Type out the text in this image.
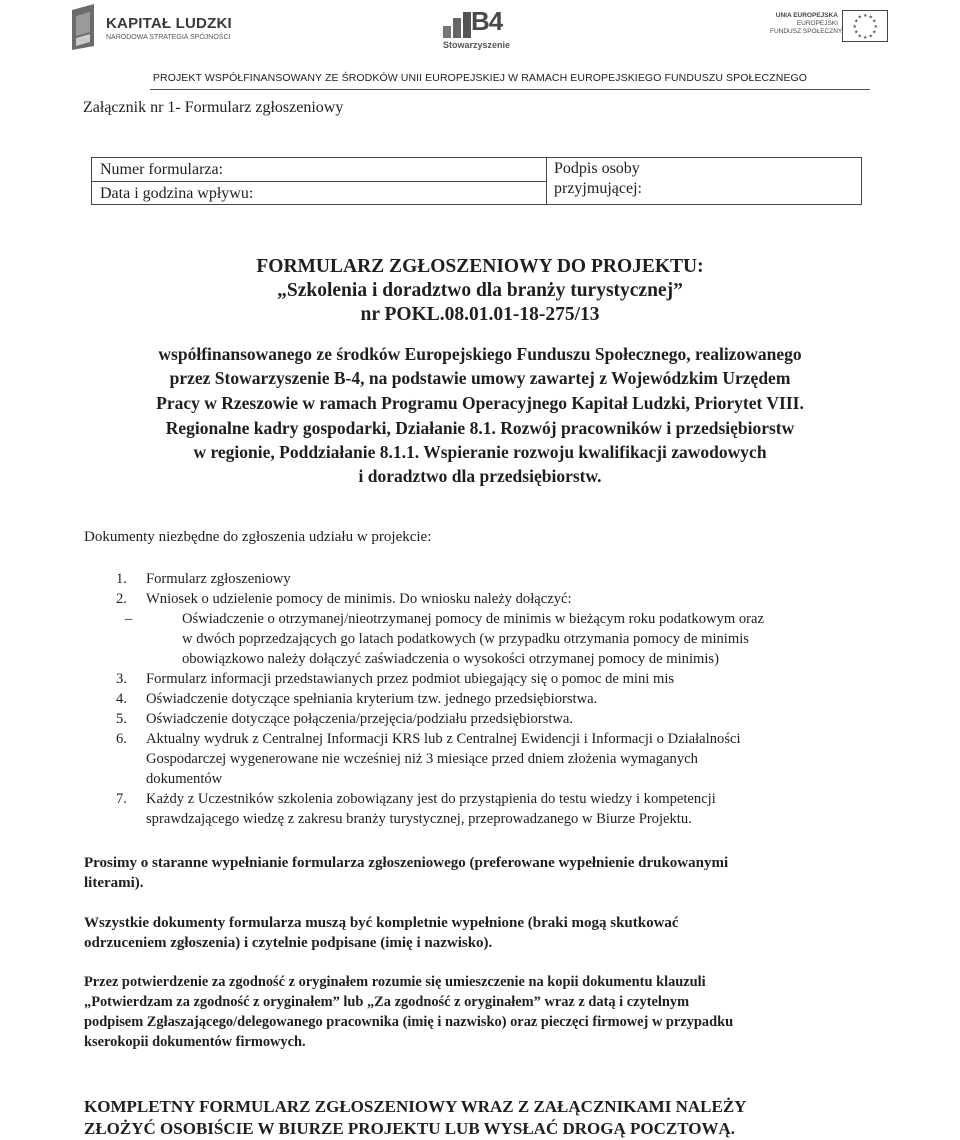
KAPITAŁ LUDZKI
NARODOWA STRATEGIA SPÓJNOŚCI
B4
Stowarzyszenie
UNIA EUROPEJSKA
EUROPEJSKI
FUNDUSZ SPOŁECZNY
★ ★
★
★
★
★
★
★
★
★
★
★
PROJEKT WSPÓŁFINANSOWANY ZE ŚRODKÓW UNII EUROPEJSKIEJ W RAMACH EUROPEJSKIEGO FUNDUSZU SPOŁECZNEGO
Załącznik nr 1- Formularz zgłoszeniowy
Numer formularza:
Data i godzina wpływu:
Podpis osoby
przyjmującej:
FORMULARZ ZGŁOSZENIOWY DO PROJEKTU:
„Szkolenia i doradztwo dla branży turystycznej”
nr POKL.08.01.01-18-275/13
współfinansowanego ze środków Europejskiego Funduszu Społecznego, realizowanego
przez Stowarzyszenie B-4, na podstawie umowy zawartej z Wojewódzkim Urzędem
Pracy w Rzeszowie w ramach Programu Operacyjnego Kapitał Ludzki, Priorytet VIII.
Regionalne kadry gospodarki, Działanie 8.1. Rozwój pracowników i przedsiębiorstw
w regionie, Poddziałanie 8.1.1. Wspieranie rozwoju kwalifikacji zawodowych
i doradztwo dla przedsiębiorstw.
Dokumenty niezbędne do zgłoszenia udziału w projekcie:
1.	Formularz zgłoszeniowy
2.	Wniosek o udzielenie pomocy de minimis. Do wniosku należy dołączyć:
–	Oświadczenie o otrzymanej/nieotrzymanej pomocy de minimis w bieżącym roku podatkowym oraz
w dwóch poprzedzających go latach podatkowych (w przypadku otrzymania pomocy de minimis
obowiązkowo należy dołączyć zaświadczenia o wysokości otrzymanej pomocy de minimis)
3.	Formularz informacji przedstawianych przez podmiot ubiegający się o pomoc de mini mis
4.	Oświadczenie dotyczące spełniania kryterium tzw. jednego przedsiębiorstwa.
5.	Oświadczenie dotyczące połączenia/przejęcia/podziału przedsiębiorstwa.
6.	Aktualny wydruk z Centralnej Informacji KRS lub z Centralnej Ewidencji i Informacji o Działalności
Gospodarczej wygenerowane nie wcześniej niż 3 miesiące przed dniem złożenia wymaganych
dokumentów
7.	Każdy z Uczestników szkolenia zobowiązany jest do przystąpienia do testu wiedzy i kompetencji
sprawdzającego wiedzę z zakresu branży turystycznej, przeprowadzanego w Biurze Projektu.
Prosimy o staranne wypełnianie formularza zgłoszeniowego (preferowane wypełnienie drukowanymi
literami).
Wszystkie dokumenty formularza muszą być kompletnie wypełnione (braki mogą skutkować
odrzuceniem zgłoszenia) i czytelnie podpisane (imię i nazwisko).
Przez potwierdzenie za zgodność z oryginałem rozumie się umieszczenie na kopii dokumentu klauzuli
„Potwierdzam za zgodność z oryginałem” lub „Za zgodność z oryginałem” wraz z datą i czytelnym
podpisem Zgłaszającego/delegowanego pracownika (imię i nazwisko) oraz pieczęci firmowej w przypadku
kserokopii dokumentów firmowych.
KOMPLETNY FORMULARZ ZGŁOSZENIOWY WRAZ Z ZAŁĄCZNIKAMI NALEŻY
ZŁOŻYĆ OSOBIŚCIE W BIURZE PROJEKTU LUB WYSŁAĆ DROGĄ POCZTOWĄ.
